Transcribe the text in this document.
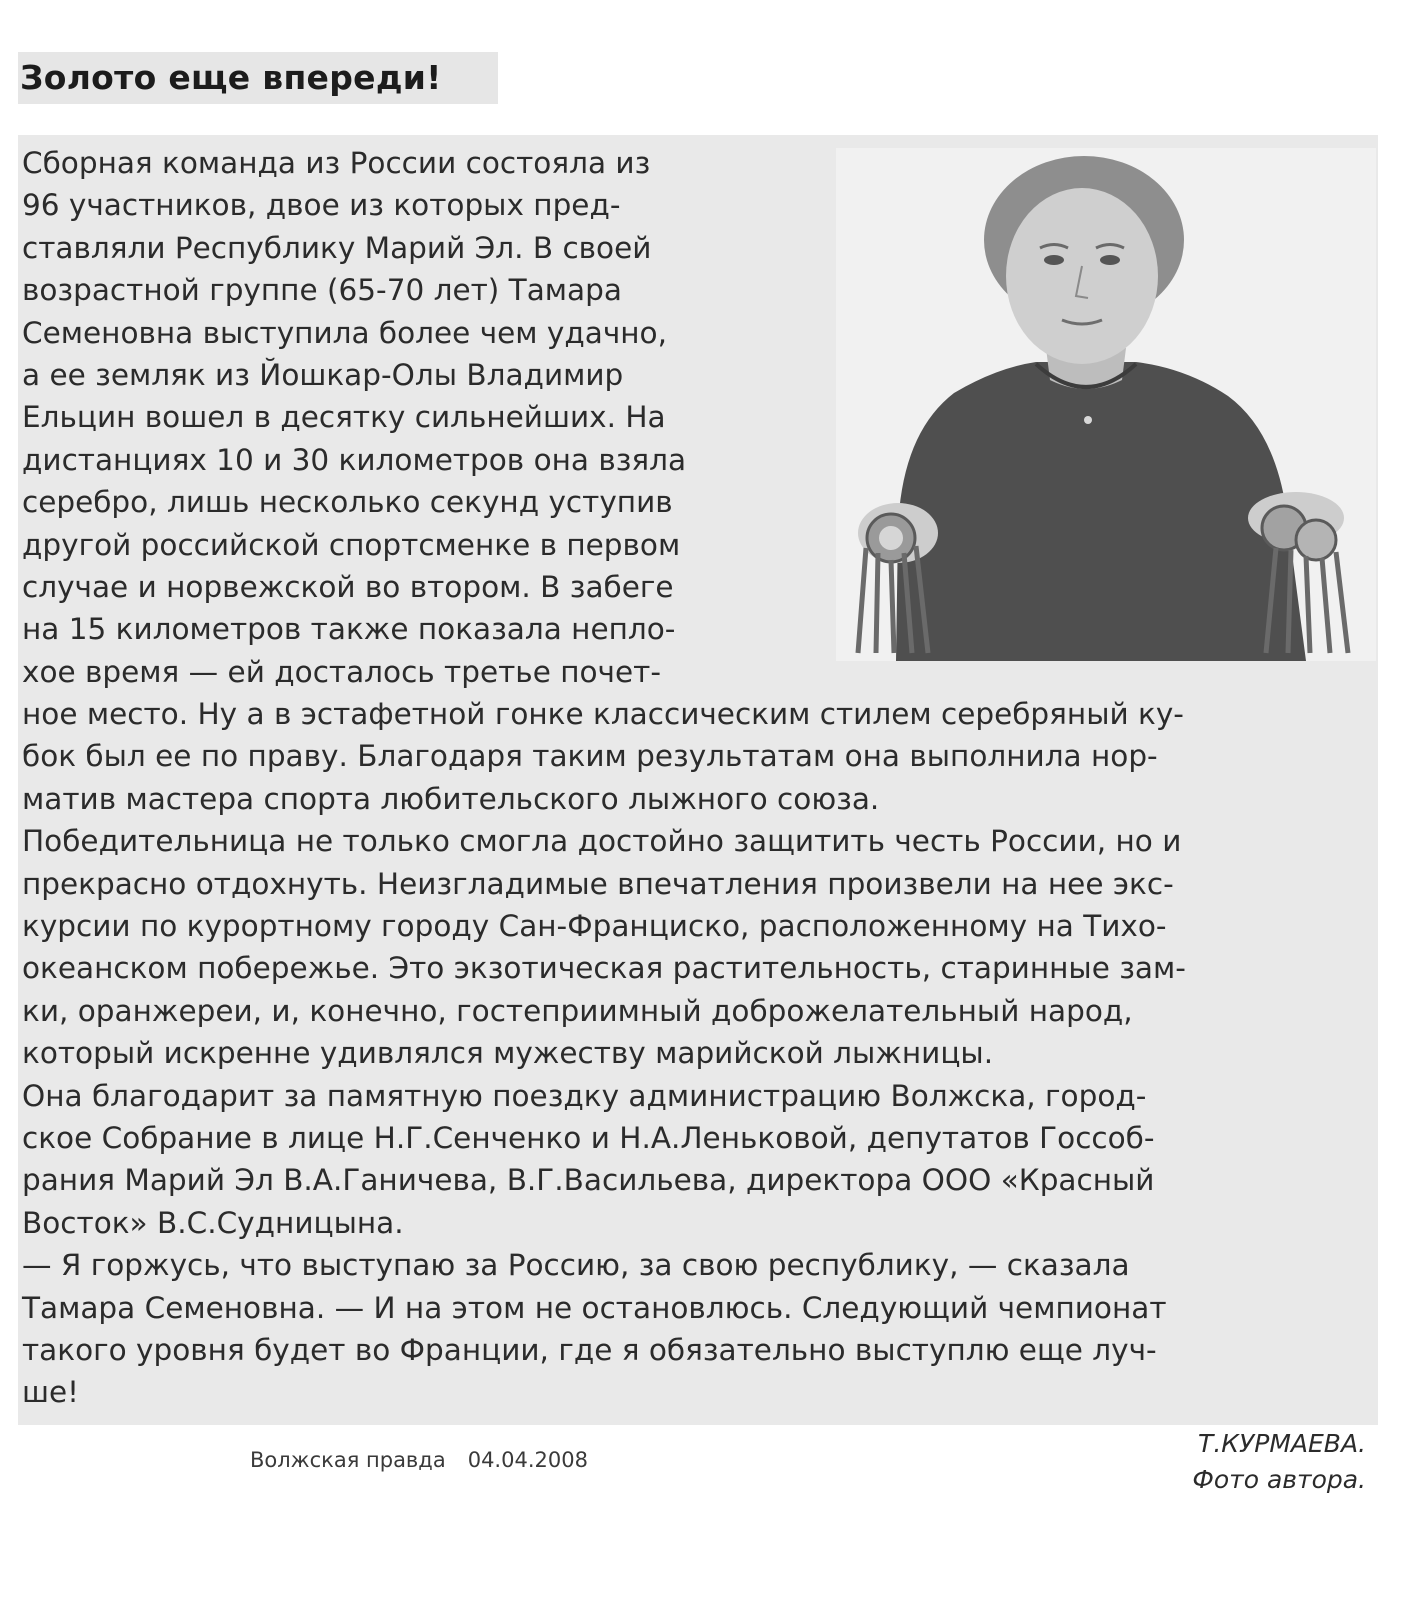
Золото еще впереди!
Сборная команда из России состояла из
96 участников, двое из которых пред-
ставляли Республику Марий Эл. В своей
возрастной группе (65-70 лет) Тамара
Семеновна выступила более чем удачно,
а ее земляк из Йошкар-Олы Владимир
Ельцин вошел в десятку сильнейших. На
дистанциях 10 и 30 километров она взяла
серебро, лишь несколько секунд уступив
другой российской спортсменке в первом
случае и норвежской во втором. В забеге
на 15 километров также показала непло-
хое время — ей досталось третье почет-
ное место. Ну а в эстафетной гонке классическим стилем серебряный ку-
бок был ее по праву. Благодаря таким результатам она выполнила нор-
матив мастера спорта любительского лыжного союза.
Победительница не только смогла достойно защитить честь России, но и
прекрасно отдохнуть. Неизгладимые впечатления произвели на нее экс-
курсии по курортному городу Сан-Франциско, расположенному на Тихо-
океанском побережье. Это экзотическая растительность, старинные зам-
ки, оранжереи, и, конечно, гостеприимный доброжелательный народ,
который искренне удивлялся мужеству марийской лыжницы.
Она благодарит за памятную поездку администрацию Волжска, город-
ское Собрание в лице Н.Г.Сенченко и Н.А.Леньковой, депутатов Госсоб-
рания Марий Эл В.А.Ганичева, В.Г.Васильева, директора ООО «Красный
Восток» В.С.Судницына.
— Я горжусь, что выступаю за Россию, за свою республику, — сказала
Тамара Семеновна. — И на этом не остановлюсь. Следующий чемпионат
такого уровня будет во Франции, где я обязательно выступлю еще луч-
ше!
Волжская правда 04.04.2008
Т.КУРМАЕВА.
Фото автора.
